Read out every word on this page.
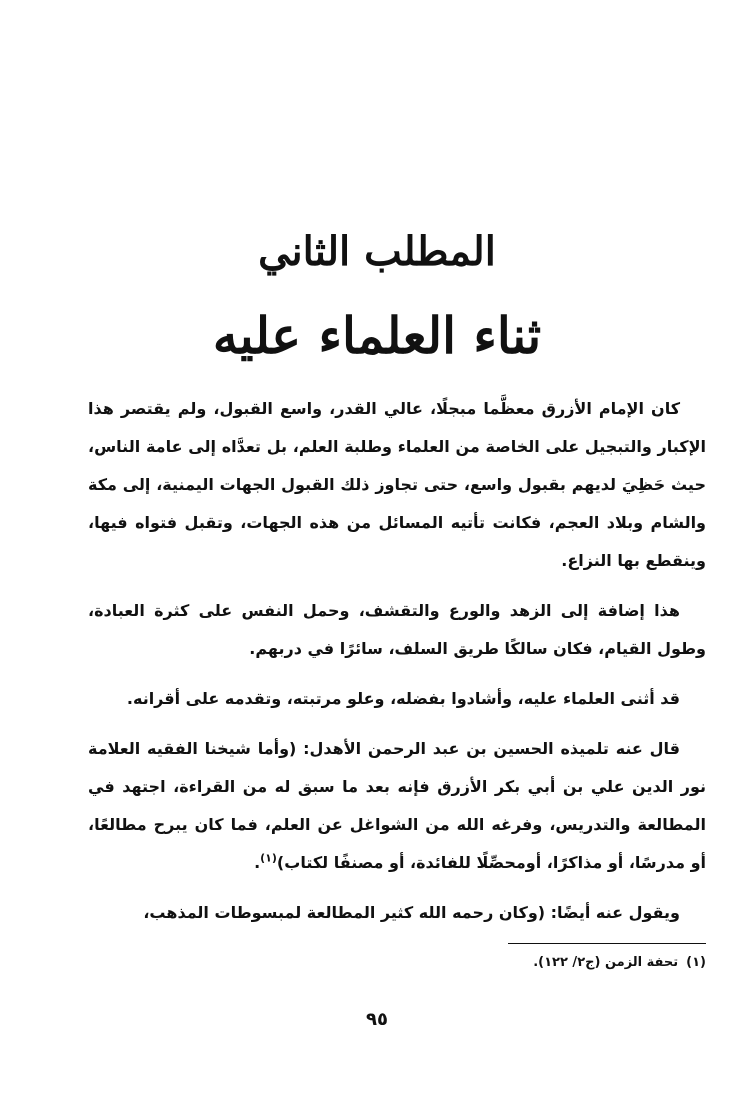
المطلب الثاني
ثناء العلماء عليه

كان الإمام الأزرق معظَّما مبجلًا، عالي القدر، واسع القبول، ولم يقتصر هذا الإكبار والتبجيل على الخاصة من العلماء وطلبة العلم، بل تعدَّاه إلى عامة الناس، حيث حَظِيَ لديهم بقبول واسع، حتى تجاوز ذلك القبول الجهات اليمنية، إلى مكة والشام وبلاد العجم، فكانت تأتيه المسائل من هذه الجهات، وتقبل فتواه فيها، وينقطع بها النزاع.

هذا إضافة إلى الزهد والورع والتقشف، وحمل النفس على كثرة العبادة، وطول القيام، فكان سالكًا طريق السلف، سائرًا في دربهم.

قد أثنى العلماء عليه، وأشادوا بفضله، وعلو مرتبته، وتقدمه على أقرانه.

قال عنه تلميذه الحسين بن عبد الرحمن الأهدل: (وأما شيخنا الفقيه العلامة نور الدين علي بن أبي بكر الأزرق فإنه بعد ما سبق له من القراءة، اجتهد في المطالعة والتدريس، وفرغه الله من الشواغل عن العلم، فما كان يبرح مطالعًا، أو مدرسًا، أو مذاكرًا، أومحصِّلًا للفائدة، أو مصنفًا لكتاب)$^{(١)}$.

ويقول عنه أيضًا: (وكان رحمه الله كثير المطالعة لمبسوطات المذهب،

(١)تحفة الزمن (ج٢/ ١٢٢).
٩٥
